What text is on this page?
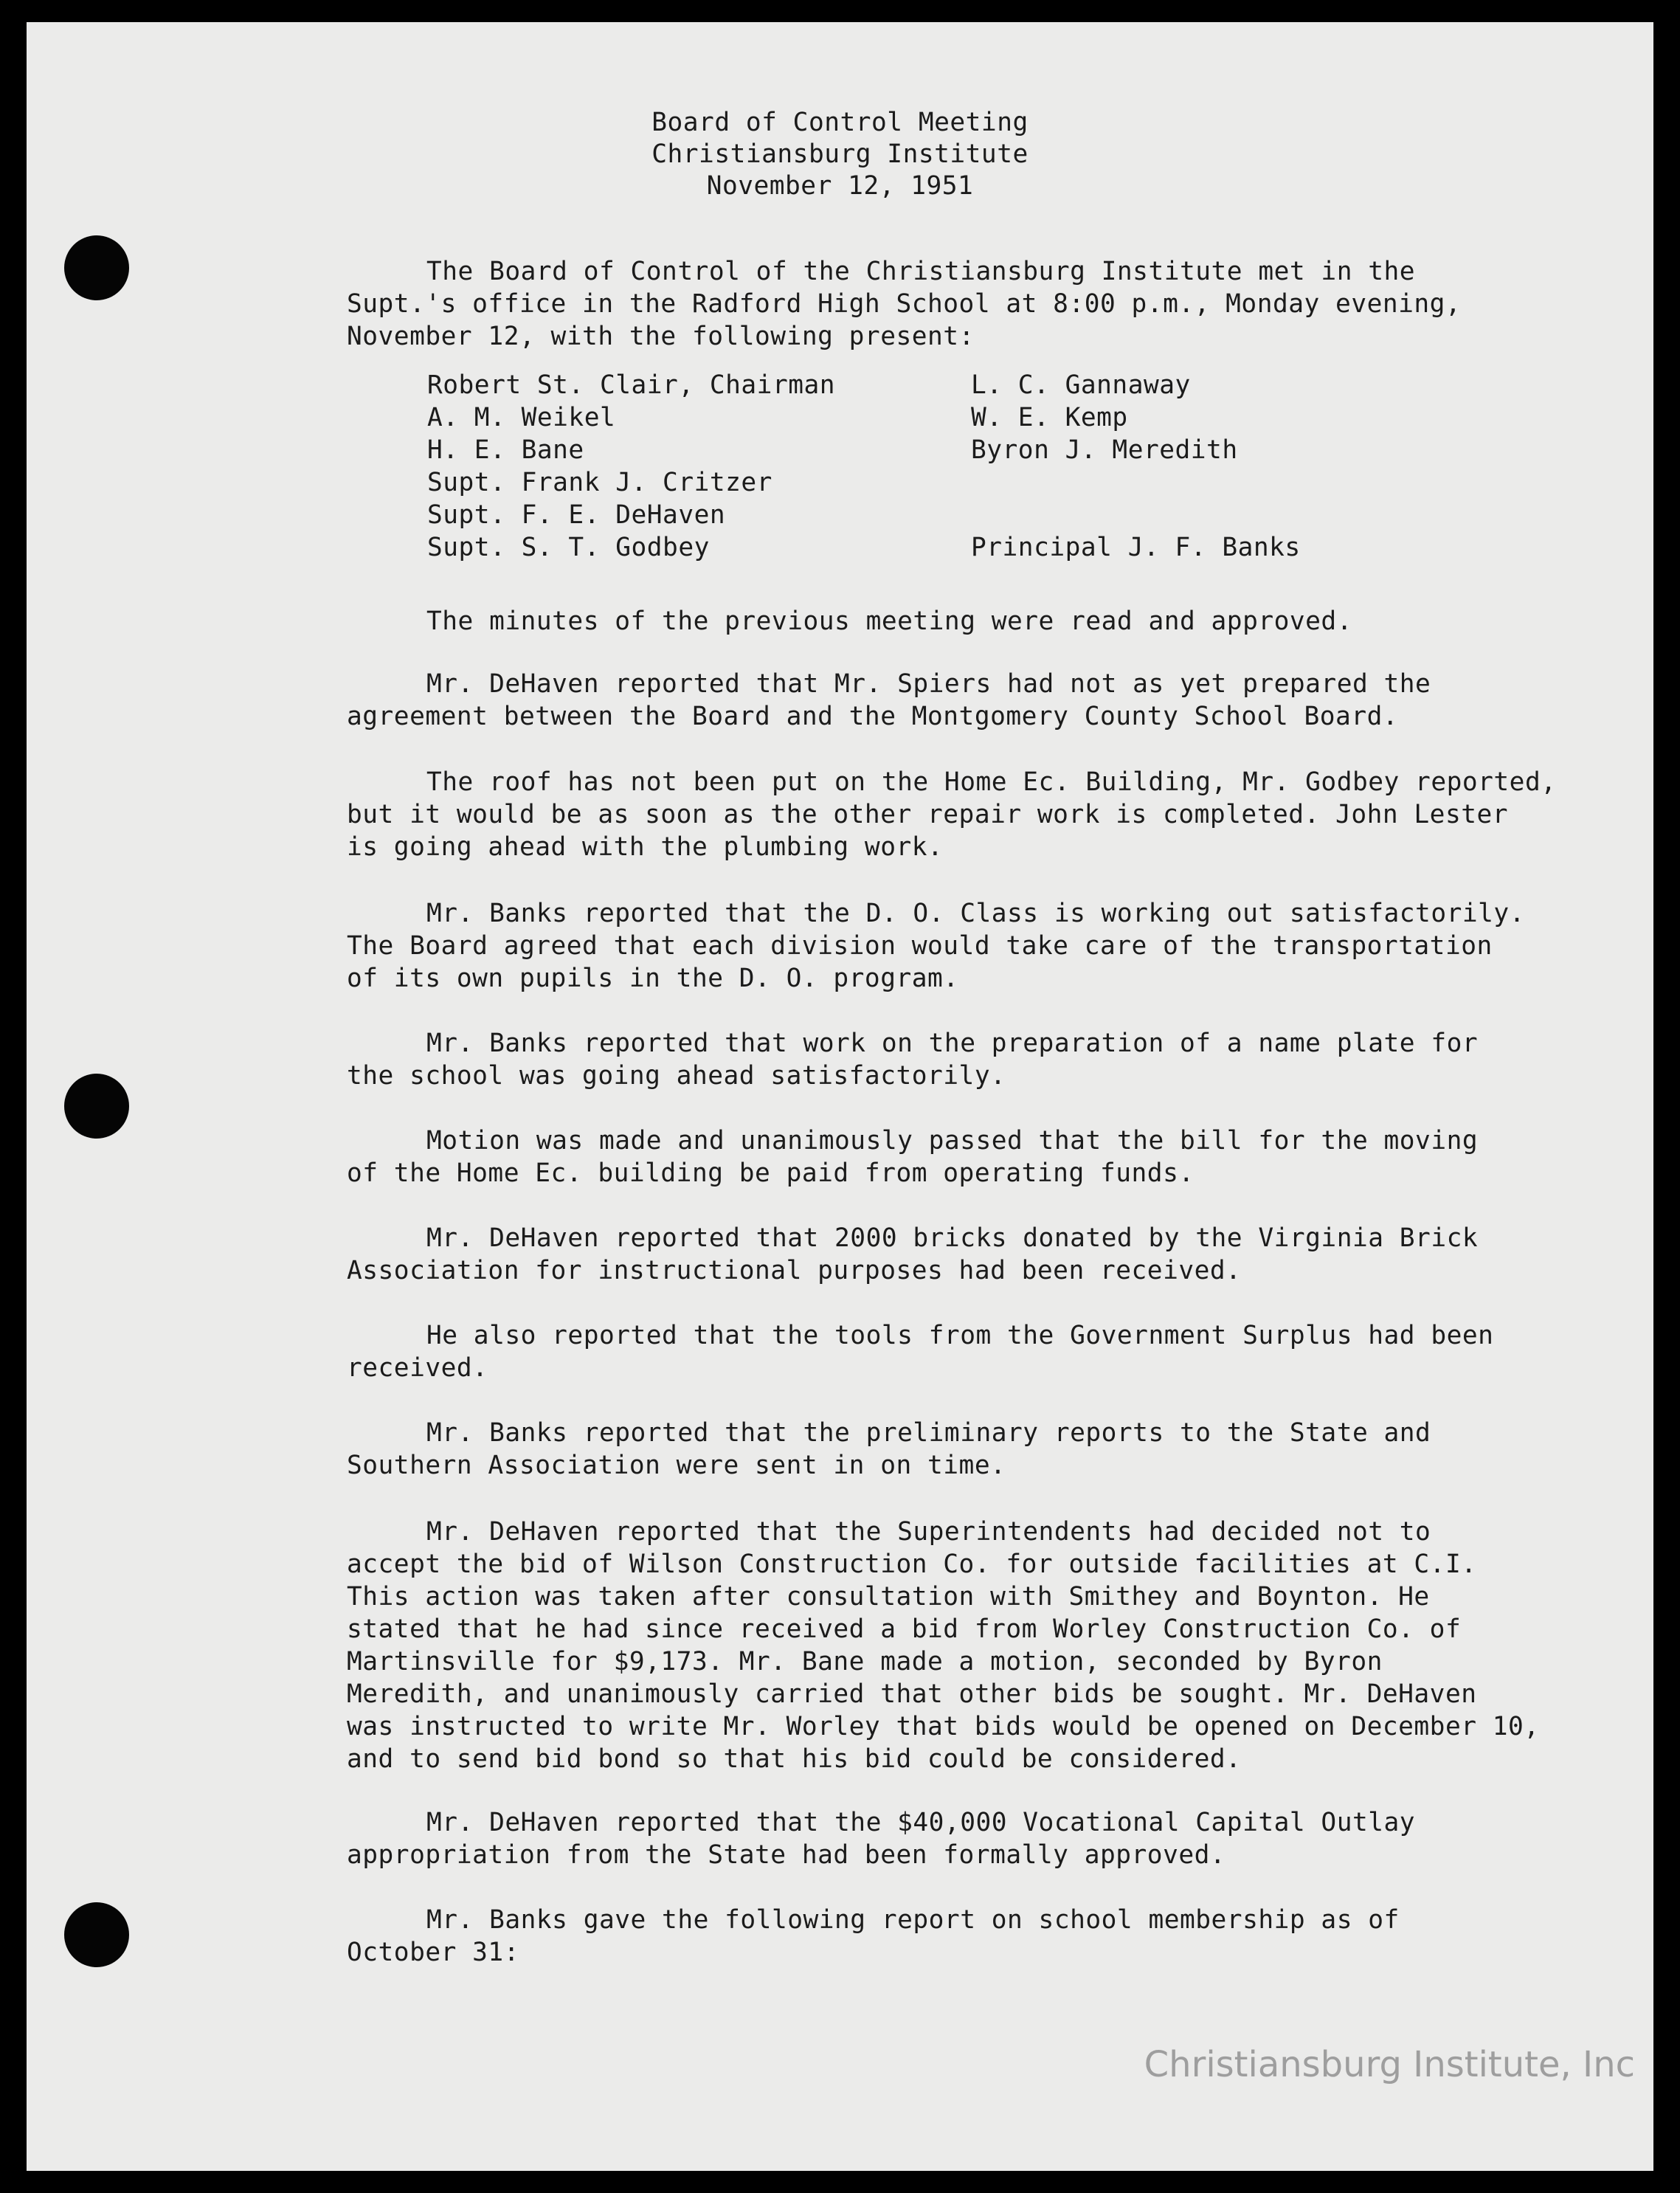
Board of Control Meeting
Christiansburg Institute
November 12, 1951

The Board of Control of the Christiansburg Institute met in the
Supt.'s office in the Radford High School at 8:00 p.m., Monday evening,
November 12, with the following present:

Robert St. Clair, Chairman
A. M. Weikel
H. E. Bane
Supt. Frank J. Critzer
Supt. F. E. DeHaven
Supt. S. T. Godbey
L. C. Gannaway
W. E. Kemp
Byron J. Meredith
Principal J. F. Banks

The minutes of the previous meeting were read and approved.

Mr. DeHaven reported that Mr. Spiers had not as yet prepared the
agreement between the Board and the Montgomery County School Board.

The roof has not been put on the Home Ec. Building, Mr. Godbey reported,
but it would be as soon as the other repair work is completed. John Lester
is going ahead with the plumbing work.

Mr. Banks reported that the D. O. Class is working out satisfactorily.
The Board agreed that each division would take care of the transportation
of its own pupils in the D. O. program.

Mr. Banks reported that work on the preparation of a name plate for
the school was going ahead satisfactorily.

Motion was made and unanimously passed that the bill for the moving
of the Home Ec. building be paid from operating funds.

Mr. DeHaven reported that 2000 bricks donated by the Virginia Brick
Association for instructional purposes had been received.

He also reported that the tools from the Government Surplus had been
received.

Mr. Banks reported that the preliminary reports to the State and
Southern Association were sent in on time.

Mr. DeHaven reported that the Superintendents had decided not to
accept the bid of Wilson Construction Co. for outside facilities at C.I.
This action was taken after consultation with Smithey and Boynton. He
stated that he had since received a bid from Worley Construction Co. of
Martinsville for $9,173. Mr. Bane made a motion, seconded by Byron
Meredith, and unanimously carried that other bids be sought. Mr. DeHaven
was instructed to write Mr. Worley that bids would be opened on December 10,
and to send bid bond so that his bid could be considered.

Mr. DeHaven reported that the $40,000 Vocational Capital Outlay
appropriation from the State had been formally approved.

Mr. Banks gave the following report on school membership as of
October 31:

Christiansburg Institute, Inc
